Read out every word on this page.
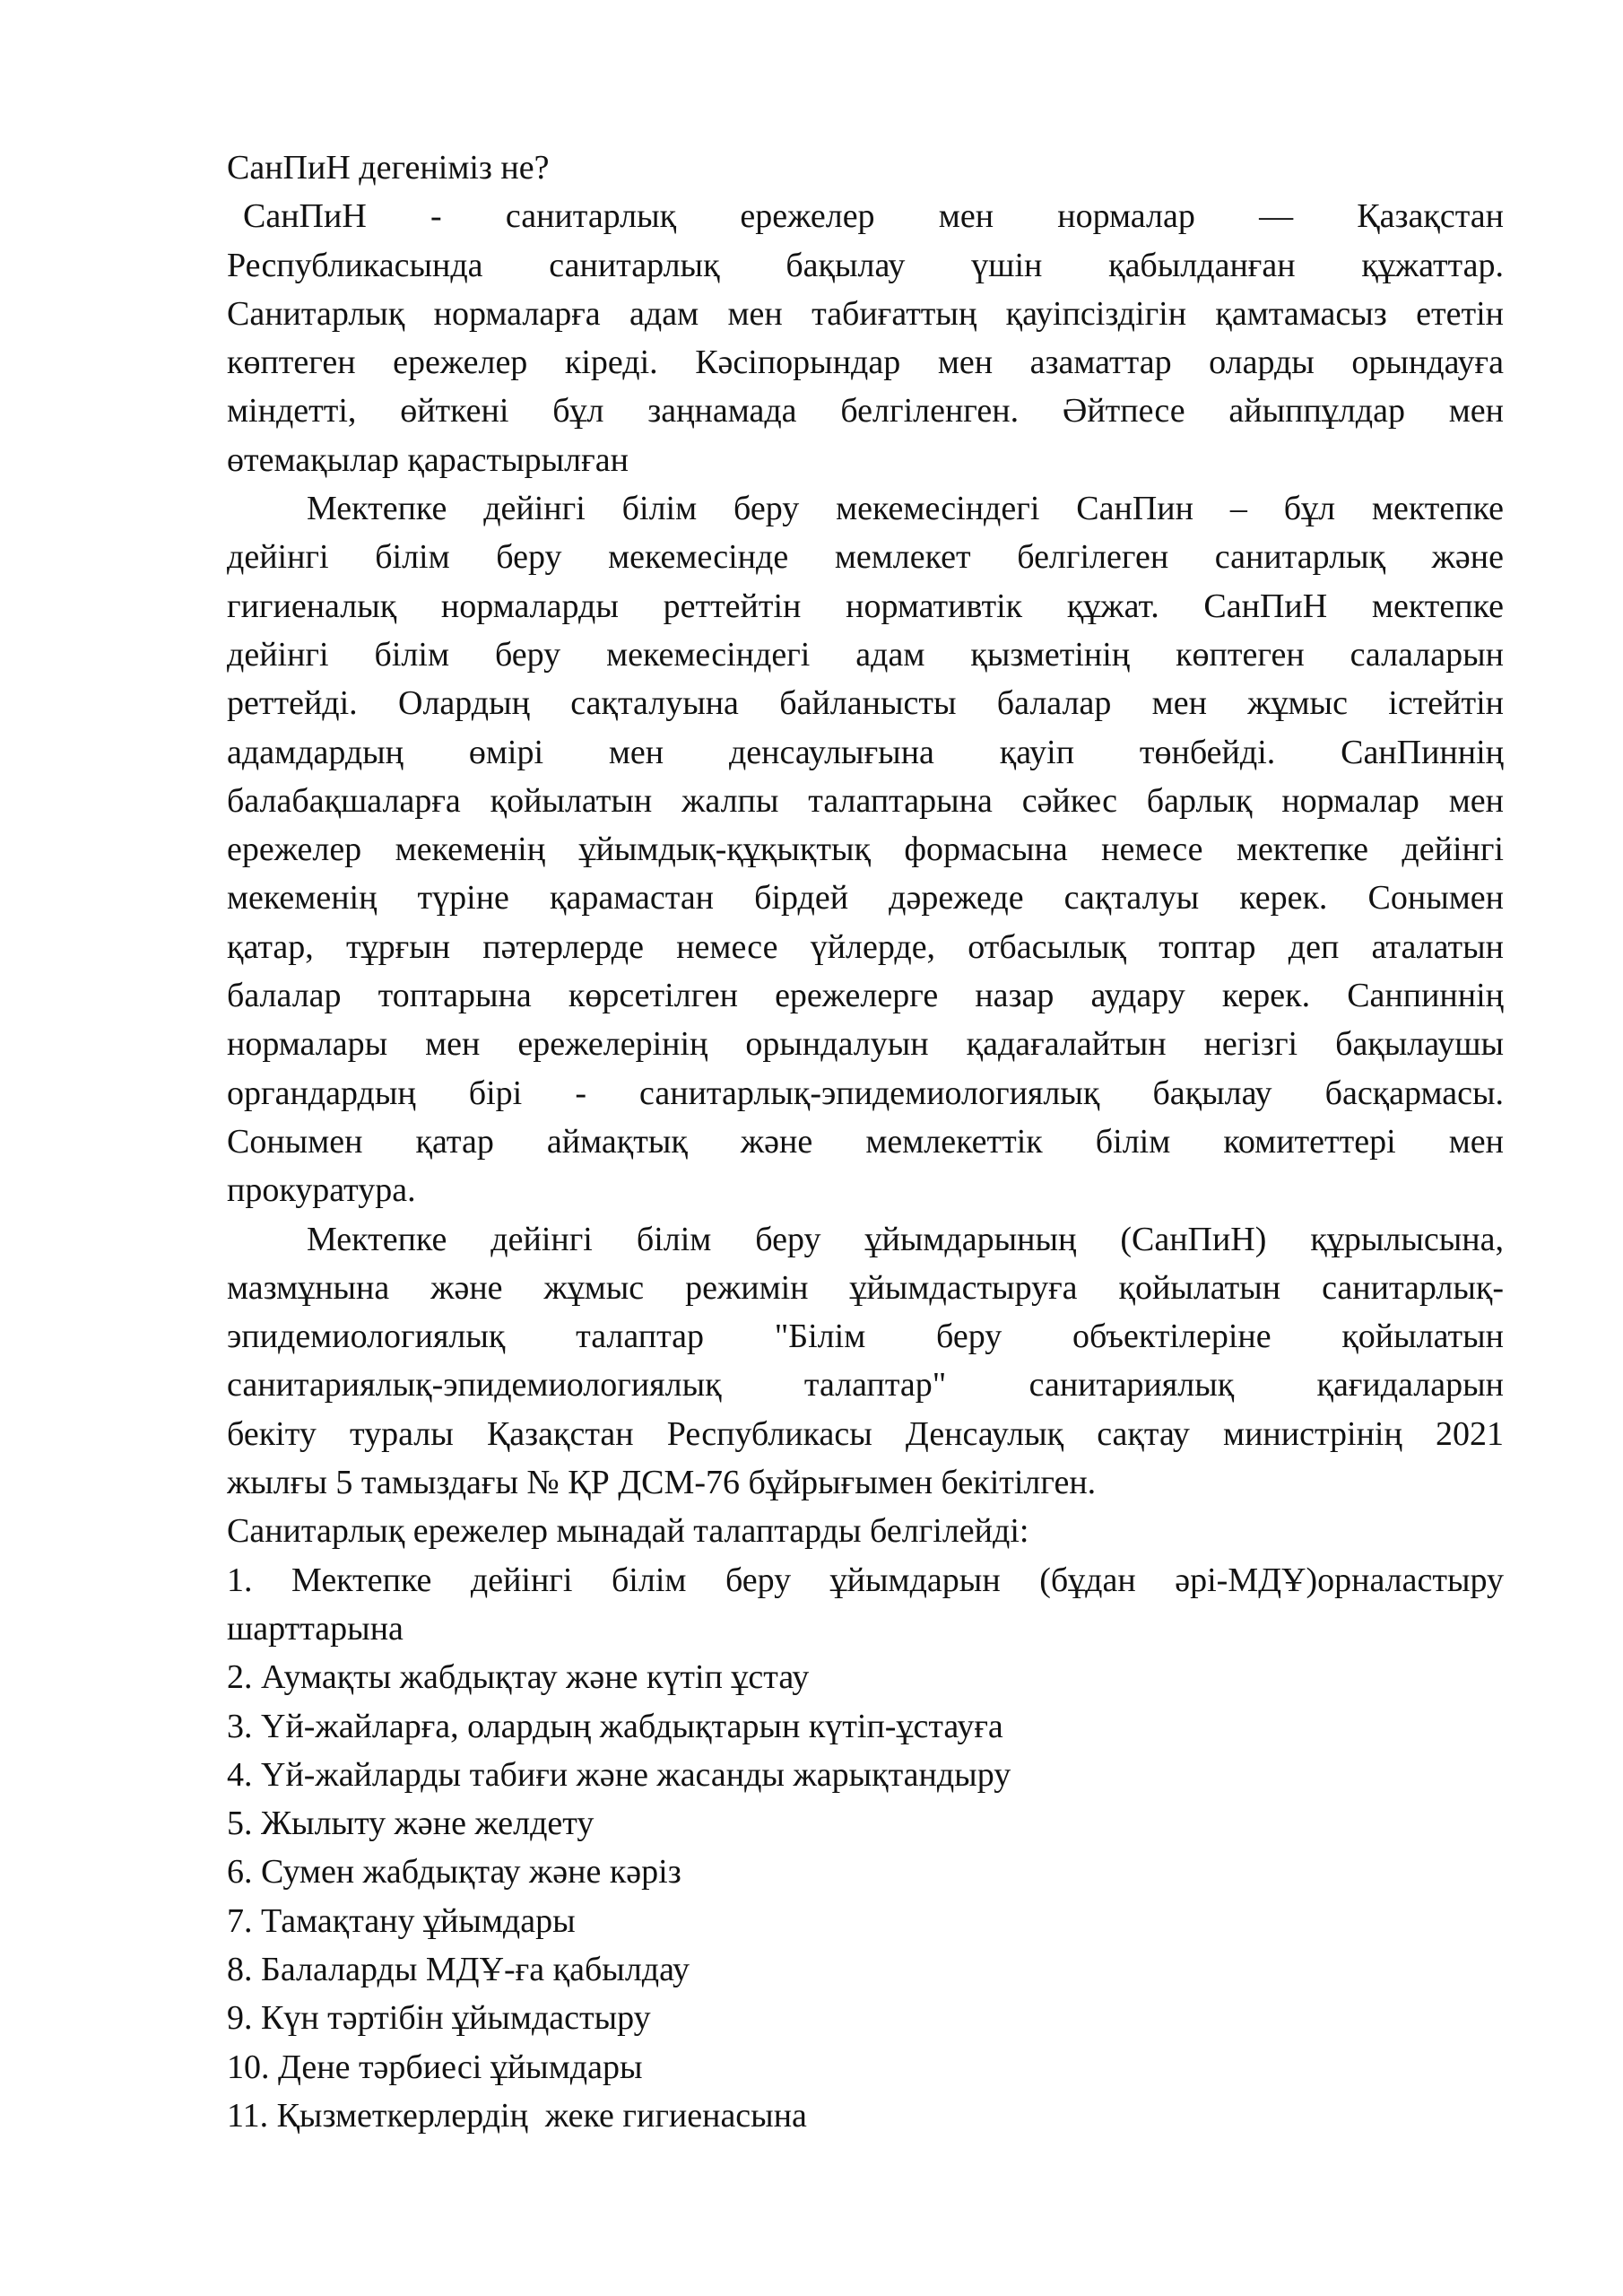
СанПиН дегеніміз не?
СанПиН - санитарлық ережелер мен нормалар — Қазақстан
Республикасында санитарлық бақылау үшін қабылданған құжаттар.
Санитарлық нормаларға адам мен табиғаттың қауіпсіздігін қамтамасыз ететін
көптеген ережелер кіреді. Кәсіпорындар мен азаматтар оларды орындауға
міндетті, өйткені бұл заңнамада белгіленген. Әйтпесе айыппұлдар мен
өтемақылар қарастырылған
Мектепке дейінгі білім беру мекемесіндегі СанПин – бұл мектепке
дейінгі білім беру мекемесінде мемлекет белгілеген санитарлық және
гигиеналық нормаларды реттейтін нормативтік құжат. СанПиН мектепке
дейінгі білім беру мекемесіндегі адам қызметінің көптеген салаларын
реттейді. Олардың сақталуына байланысты балалар мен жұмыс істейтін
адамдардың өмірі мен денсаулығына қауіп төнбейді. СанПиннің
балабақшаларға қойылатын жалпы талаптарына сәйкес барлық нормалар мен
ережелер мекеменің ұйымдық-құқықтық формасына немесе мектепке дейінгі
мекеменің түріне қарамастан бірдей дәрежеде сақталуы керек. Сонымен
қатар, тұрғын пәтерлерде немесе үйлерде, отбасылық топтар деп аталатын
балалар топтарына көрсетілген ережелерге назар аудару керек. Санпиннің
нормалары мен ережелерінің орындалуын қадағалайтын негізгі бақылаушы
органдардың бірі - санитарлық-эпидемиологиялық бақылау басқармасы.
Сонымен қатар аймақтық және мемлекеттік білім комитеттері мен
прокуратура.
Мектепке дейінгі білім беру ұйымдарының (СанПиН) құрылысына,
мазмұнына және жұмыс режимін ұйымдастыруға қойылатын санитарлық-
эпидемиологиялық талаптар "Білім беру объектілеріне қойылатын
санитариялық-эпидемиологиялық талаптар" санитариялық қағидаларын
бекіту туралы Қазақстан Республикасы Денсаулық сақтау министрінің 2021
жылғы 5 тамыздағы № ҚР ДСМ-76 бұйрығымен бекітілген.
Санитарлық ережелер мынадай талаптарды белгілейді:
1. Мектепке дейінгі білім беру ұйымдарын (бұдан әрі-МДҰ)орналастыру
шарттарына
2. Аумақты жабдықтау және күтіп ұстау
3. Үй-жайларға, олардың жабдықтарын күтіп-ұстауға
4. Үй-жайларды табиғи және жасанды жарықтандыру
5. Жылыту және желдету
6. Сумен жабдықтау және кәріз
7. Тамақтану ұйымдары
8. Балаларды МДҰ-ға қабылдау
9. Күн тәртібін ұйымдастыру
10. Дене тәрбиесі ұйымдары
11. Қызметкерлердің  жеке гигиенасына
